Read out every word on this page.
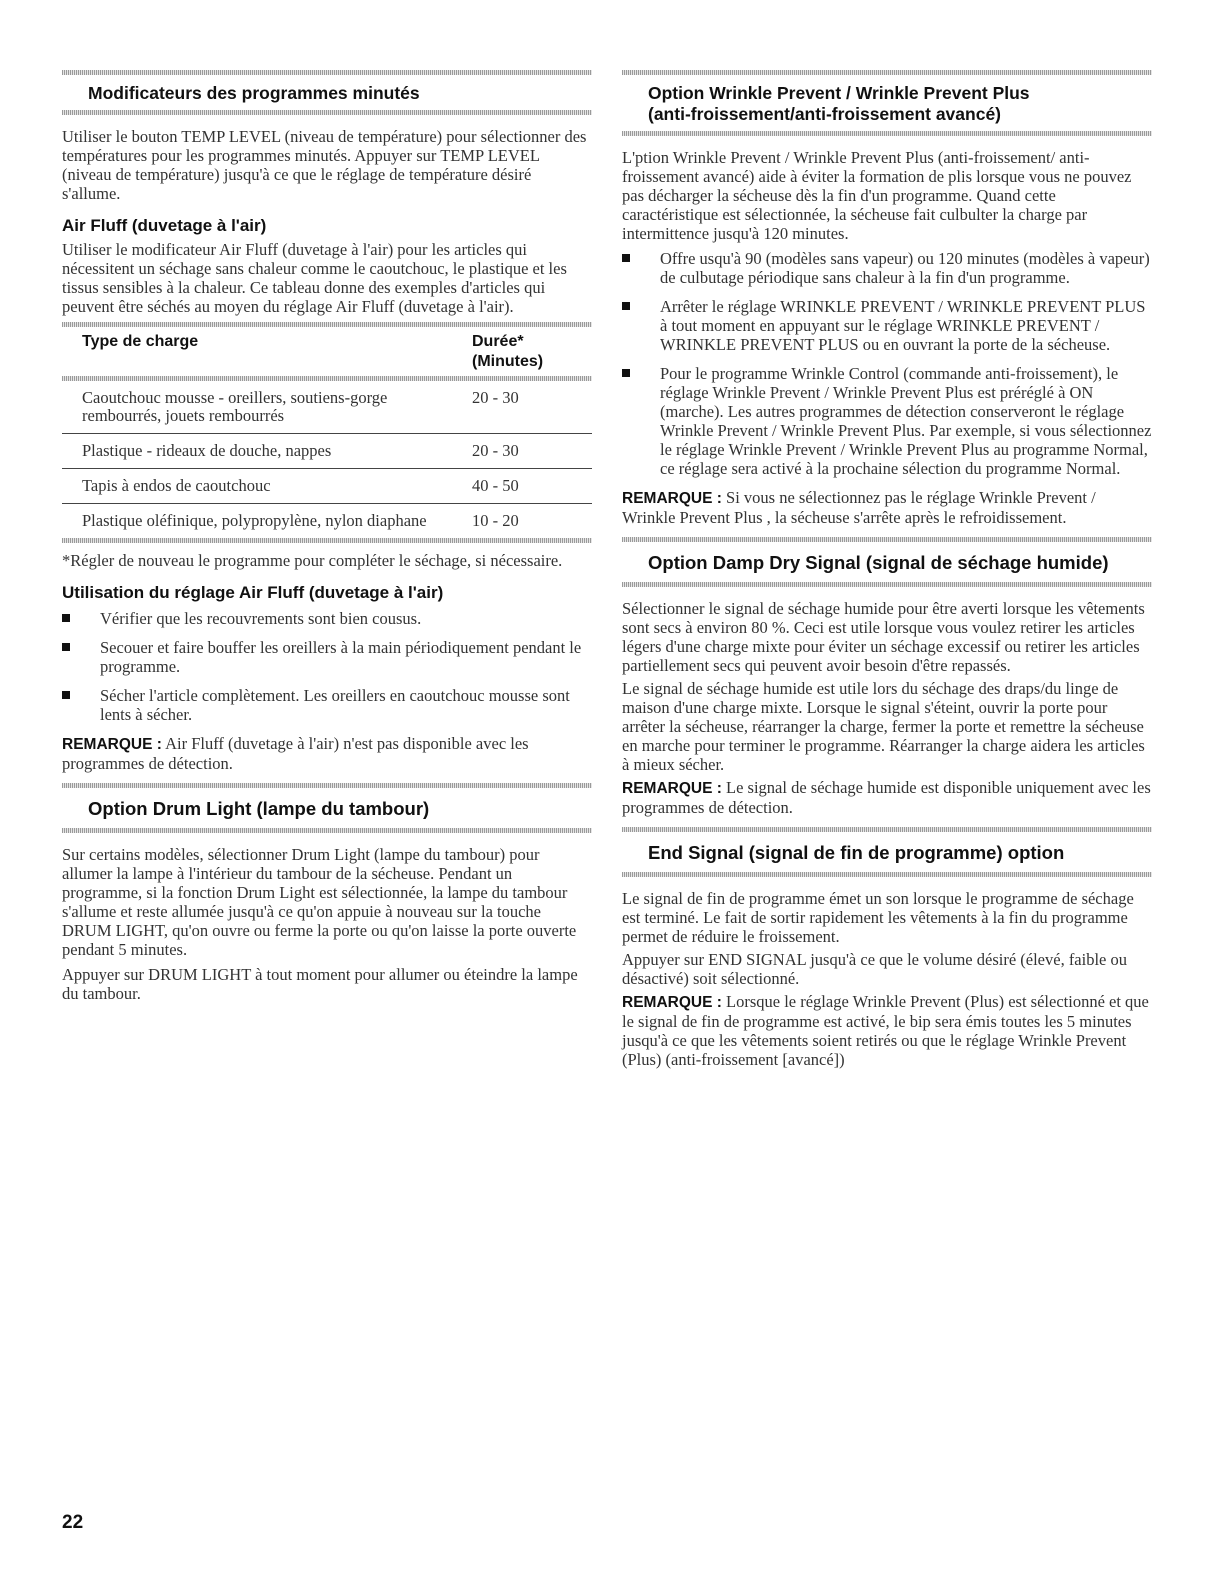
Modificateurs des programmes minutés

Utiliser le bouton TEMP LEVEL (niveau de température) pour sélectionner des températures pour les programmes minutés. Appuyer sur TEMP LEVEL (niveau de température) jusqu'à ce que le réglage de température désiré s'allume.

Air Fluff (duvetage à l'air)

Utiliser le modificateur Air Fluff (duvetage à l'air) pour les articles qui nécessitent un séchage sans chaleur comme le caoutchouc, le plastique et les tissus sensibles à la chaleur. Ce tableau donne des exemples d'articles qui peuvent être séchés au moyen du réglage Air Fluff (duvetage à l'air).

Type de charge	Durée*
(Minutes)

Caoutchouc mousse - oreillers, soutiens-gorge rembourrés, jouets rembourrés	20 - 30
Plastique - rideaux de douche, nappes	20 - 30
Tapis à endos de caoutchouc	40 - 50
Plastique oléfinique, polypropylène, nylon diaphane	10 - 20
*Régler de nouveau le programme pour compléter le séchage, si nécessaire.
Utilisation du réglage Air Fluff (duvetage à l'air)
Vérifier que les recouvrements sont bien cousus.
Secouer et faire bouffer les oreillers à la main périodiquement pendant le programme.
Sécher l'article complètement. Les oreillers en caoutchouc mousse sont lents à sécher.

REMARQUE : Air Fluff (duvetage à l'air) n'est pas disponible avec les programmes de détection.

Option Drum Light (lampe du tambour)

Sur certains modèles, sélectionner Drum Light (lampe du tambour) pour allumer la lampe à l'intérieur du tambour de la sécheuse. Pendant un programme, si la fonction Drum Light est sélectionnée, la lampe du tambour s'allume et reste allumée jusqu'à ce qu'on appuie à nouveau sur la touche DRUM LIGHT, qu'on ouvre ou ferme la porte ou qu'on laisse la porte ouverte pendant 5 minutes.

Appuyer sur DRUM LIGHT à tout moment pour allumer ou éteindre la lampe du tambour.

Option Wrinkle Prevent / Wrinkle Prevent Plus
(anti-froissement/anti-froissement avancé)

L'ption Wrinkle Prevent / Wrinkle Prevent Plus (anti-froissement/ anti-froissement avancé) aide à éviter la formation de plis lorsque vous ne pouvez pas décharger la sécheuse dès la fin d'un programme. Quand cette caractéristique est sélectionnée, la sécheuse fait culbulter la charge par intermittence jusqu'à 120 minutes.

Offre usqu'à 90 (modèles sans vapeur) ou 120 minutes (modèles à vapeur) de culbutage périodique sans chaleur à la fin d'un programme.
Arrêter le réglage WRINKLE PREVENT / WRINKLE PREVENT PLUS à tout moment en appuyant sur le réglage WRINKLE PREVENT / WRINKLE PREVENT PLUS ou en ouvrant la porte de la sécheuse.
Pour le programme Wrinkle Control (commande anti-froissement), le réglage Wrinkle Prevent / Wrinkle Prevent Plus est préréglé à ON (marche). Les autres programmes de détection conserveront le réglage Wrinkle Prevent / Wrinkle Prevent Plus. Par exemple, si vous sélectionnez le réglage Wrinkle Prevent / Wrinkle Prevent Plus au programme Normal, ce réglage sera activé à la prochaine sélection du programme Normal.

REMARQUE : Si vous ne sélectionnez pas le réglage Wrinkle Prevent / Wrinkle Prevent Plus , la sécheuse s'arrête après le refroidissement.

Option Damp Dry Signal (signal de séchage humide)

Sélectionner le signal de séchage humide pour être averti lorsque les vêtements sont secs à environ 80 %. Ceci est utile lorsque vous voulez retirer les articles légers d'une charge mixte pour éviter un séchage excessif ou retirer les articles partiellement secs qui peuvent avoir besoin d'être repassés.

Le signal de séchage humide est utile lors du séchage des draps/du linge de maison d'une charge mixte. Lorsque le signal s'éteint, ouvrir la porte pour arrêter la sécheuse, réarranger la charge, fermer la porte et remettre la sécheuse en marche pour terminer le programme. Réarranger la charge aidera les articles à mieux sécher.

REMARQUE : Le signal de séchage humide est disponible uniquement avec les programmes de détection.

End Signal (signal de fin de programme) option

Le signal de fin de programme émet un son lorsque le programme de séchage est terminé. Le fait de sortir rapidement les vêtements à la fin du programme permet de réduire le froissement.

Appuyer sur END SIGNAL jusqu'à ce que le volume désiré (élevé, faible ou désactivé) soit sélectionné.

REMARQUE : Lorsque le réglage Wrinkle Prevent (Plus) est sélectionné et que le signal de fin de programme est activé, le bip sera émis toutes les 5 minutes jusqu'à ce que les vêtements soient retirés ou que le réglage Wrinkle Prevent (Plus) (anti-froissement [avancé])

22
